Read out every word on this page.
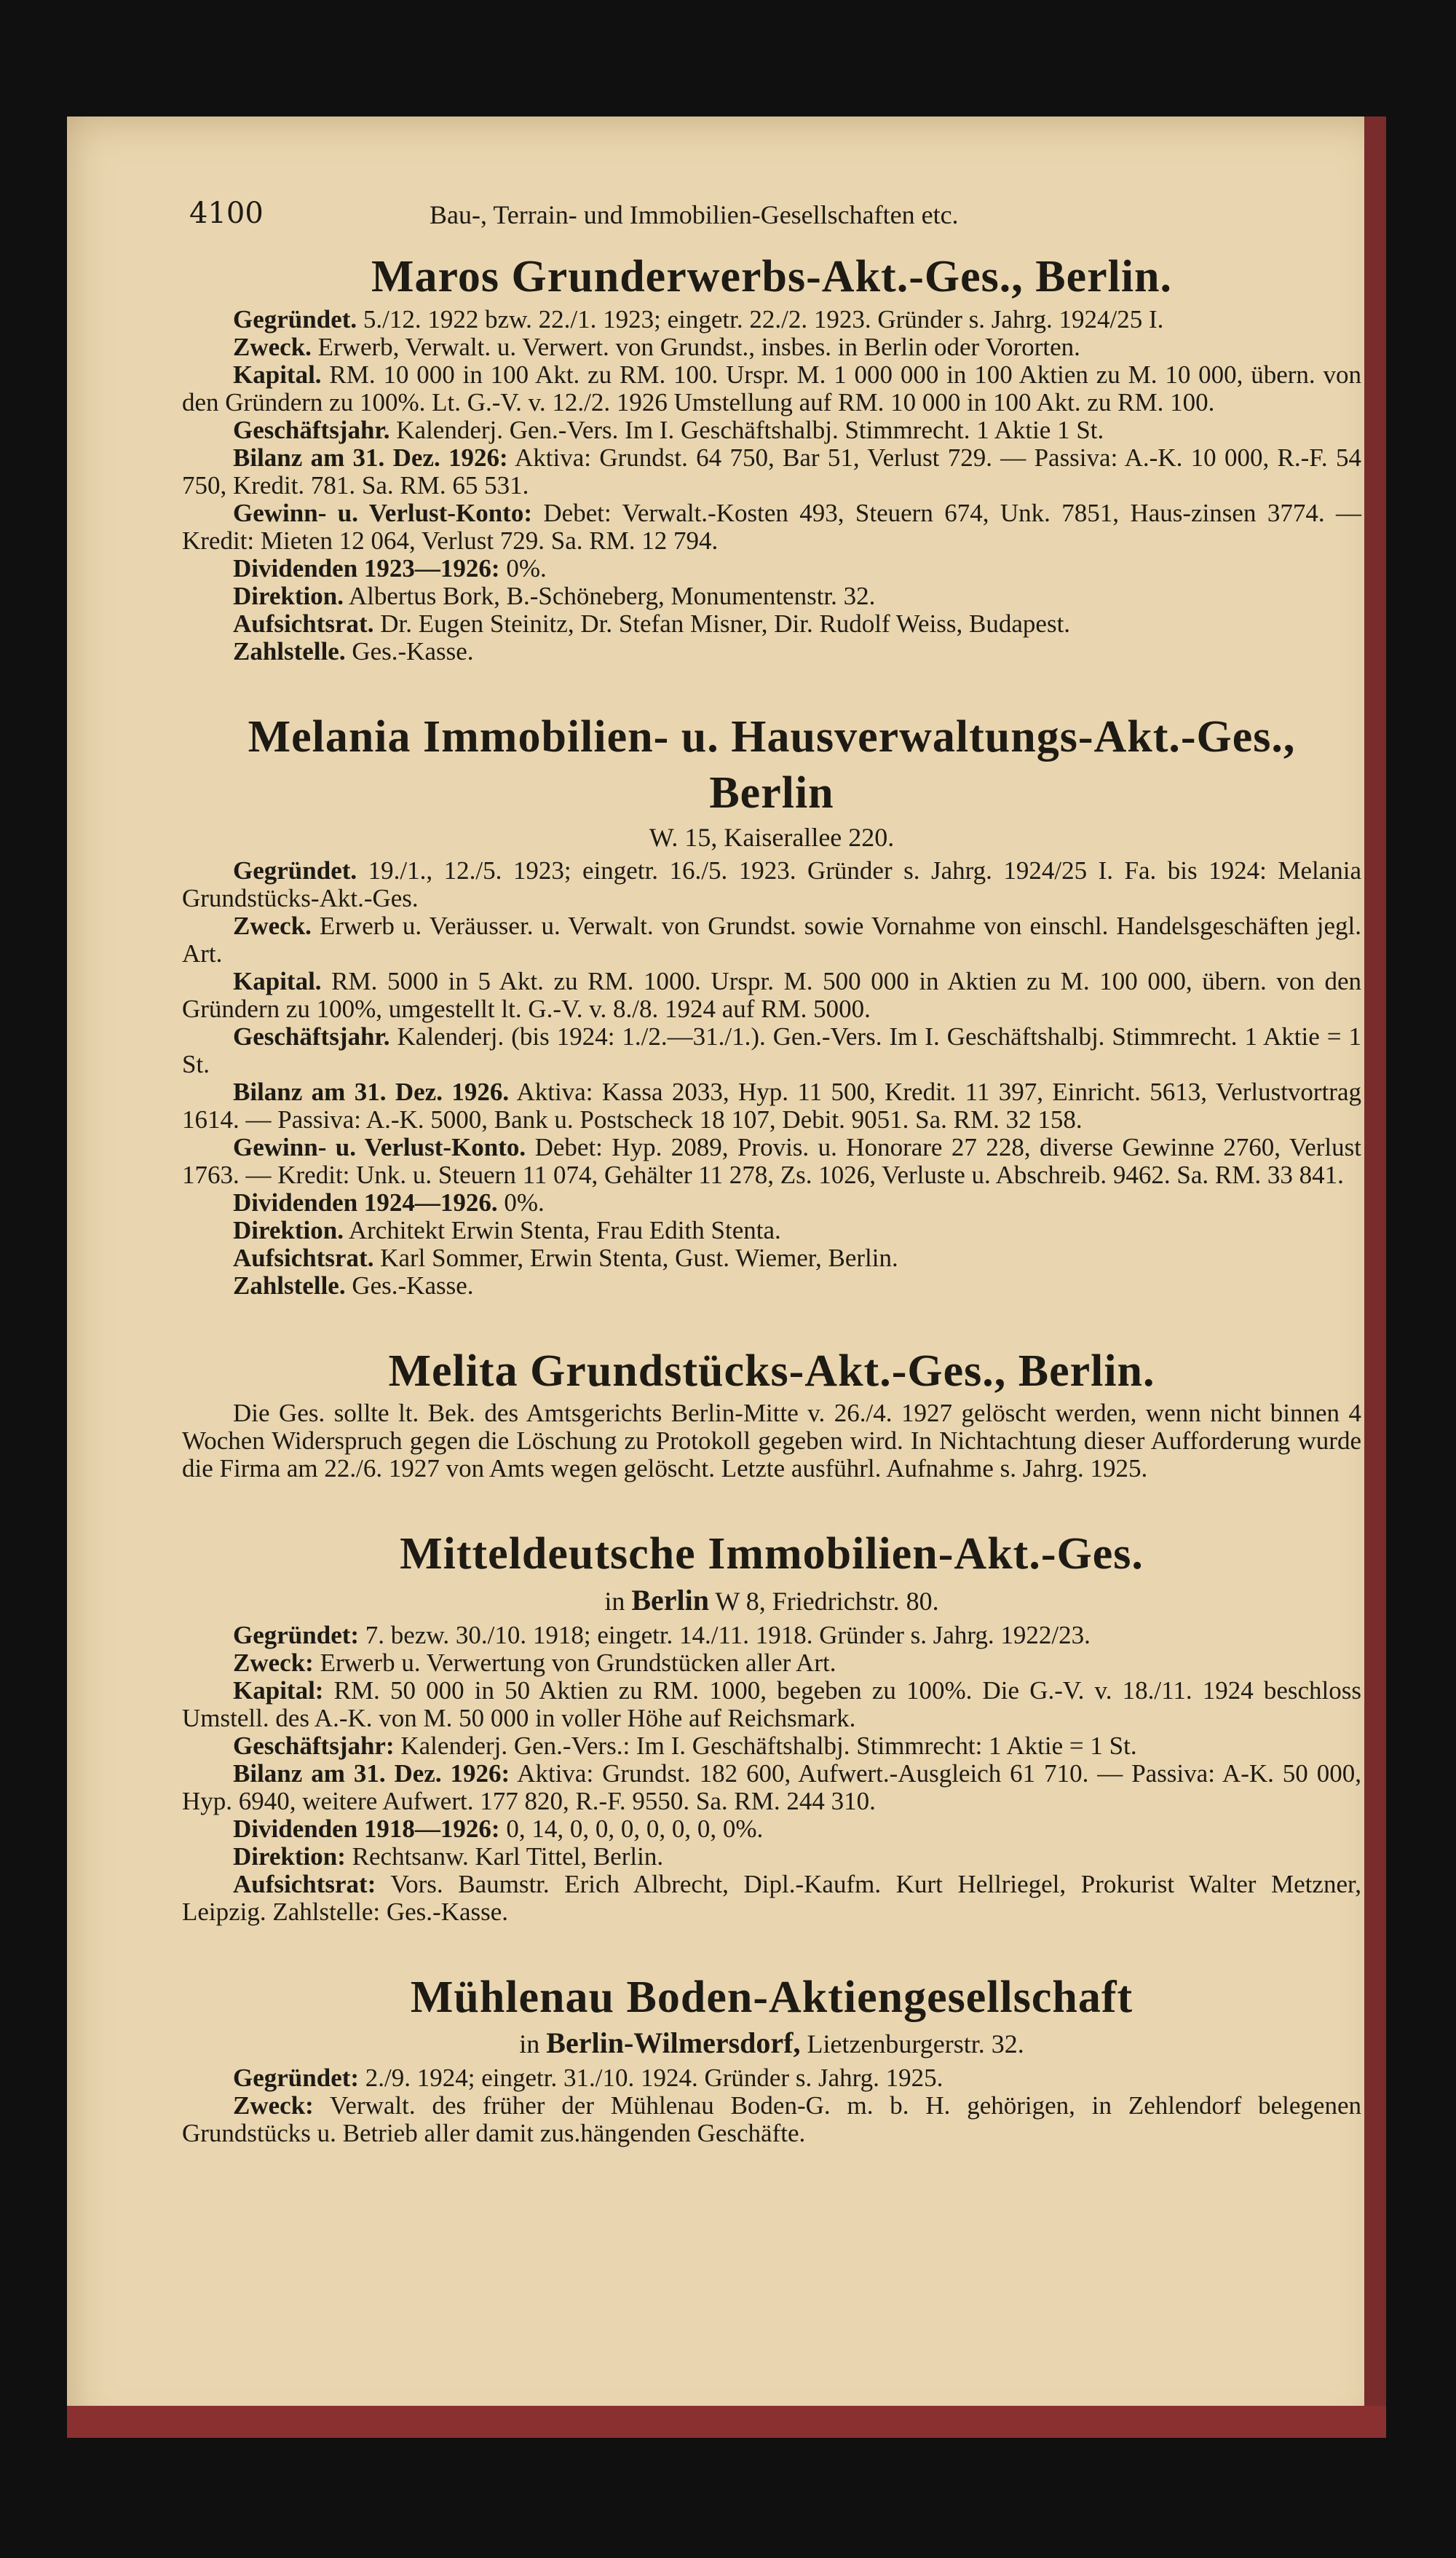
4100	Bau-, Terrain- und Immobilien-Gesellschaften etc.
Maros Grunderwerbs-Akt.-Ges., Berlin.

Gegründet. 5./12. 1922 bzw. 22./1. 1923; eingetr. 22./2. 1923. Gründer s. Jahrg. 1924/25 I.

Zweck. Erwerb, Verwalt. u. Verwert. von Grundst., insbes. in Berlin oder Vororten.

Kapital. RM. 10 000 in 100 Akt. zu RM. 100. Urspr. M. 1 000 000 in 100 Aktien zu M. 10 000, übern. von den Gründern zu 100%. Lt. G.-V. v. 12./2. 1926 Umstellung auf RM. 10 000 in 100 Akt. zu RM. 100.

Geschäftsjahr. Kalenderj. Gen.-Vers. Im I. Geschäftshalbj. Stimmrecht. 1 Aktie 1 St.

Bilanz am 31. Dez. 1926: Aktiva: Grundst. 64 750, Bar 51, Verlust 729. — Passiva: A.-K. 10 000, R.-F. 54 750, Kredit. 781. Sa. RM. 65 531.

Gewinn- u. Verlust-Konto: Debet: Verwalt.-Kosten 493, Steuern 674, Unk. 7851, Haus-zinsen 3774. — Kredit: Mieten 12 064, Verlust 729. Sa. RM. 12 794.

Dividenden 1923—1926: 0%.

Direktion. Albertus Bork, B.-Schöneberg, Monumentenstr. 32.

Aufsichtsrat. Dr. Eugen Steinitz, Dr. Stefan Misner, Dir. Rudolf Weiss, Budapest.

Zahlstelle. Ges.-Kasse.

Melania Immobilien- u. Hausverwaltungs-Akt.-Ges., Berlin
W. 15, Kaiserallee 220.

Gegründet. 19./1., 12./5. 1923; eingetr. 16./5. 1923. Gründer s. Jahrg. 1924/25 I. Fa. bis 1924: Melania Grundstücks-Akt.-Ges.

Zweck. Erwerb u. Veräusser. u. Verwalt. von Grundst. sowie Vornahme von einschl. Handelsgeschäften jegl. Art.

Kapital. RM. 5000 in 5 Akt. zu RM. 1000. Urspr. M. 500 000 in Aktien zu M. 100 000, übern. von den Gründern zu 100%, umgestellt lt. G.-V. v. 8./8. 1924 auf RM. 5000.

Geschäftsjahr. Kalenderj. (bis 1924: 1./2.—31./1.). Gen.-Vers. Im I. Geschäftshalbj. Stimmrecht. 1 Aktie = 1 St.

Bilanz am 31. Dez. 1926. Aktiva: Kassa 2033, Hyp. 11 500, Kredit. 11 397, Einricht. 5613, Verlustvortrag 1614. — Passiva: A.-K. 5000, Bank u. Postscheck 18 107, Debit. 9051. Sa. RM. 32 158.

Gewinn- u. Verlust-Konto. Debet: Hyp. 2089, Provis. u. Honorare 27 228, diverse Gewinne 2760, Verlust 1763. — Kredit: Unk. u. Steuern 11 074, Gehälter 11 278, Zs. 1026, Verluste u. Abschreib. 9462. Sa. RM. 33 841.

Dividenden 1924—1926. 0%.

Direktion. Architekt Erwin Stenta, Frau Edith Stenta.

Aufsichtsrat. Karl Sommer, Erwin Stenta, Gust. Wiemer, Berlin.

Zahlstelle. Ges.-Kasse.

Melita Grundstücks-Akt.-Ges., Berlin.

Die Ges. sollte lt. Bek. des Amtsgerichts Berlin-Mitte v. 26./4. 1927 gelöscht werden, wenn nicht binnen 4 Wochen Widerspruch gegen die Löschung zu Protokoll gegeben wird. In Nichtachtung dieser Aufforderung wurde die Firma am 22./6. 1927 von Amts wegen gelöscht. Letzte ausführl. Aufnahme s. Jahrg. 1925.

Mitteldeutsche Immobilien-Akt.-Ges.
in Berlin W 8, Friedrichstr. 80.

Gegründet: 7. bezw. 30./10. 1918; eingetr. 14./11. 1918. Gründer s. Jahrg. 1922/23.

Zweck: Erwerb u. Verwertung von Grundstücken aller Art.

Kapital: RM. 50 000 in 50 Aktien zu RM. 1000, begeben zu 100%. Die G.-V. v. 18./11. 1924 beschloss Umstell. des A.-K. von M. 50 000 in voller Höhe auf Reichsmark.

Geschäftsjahr: Kalenderj. Gen.-Vers.: Im I. Geschäftshalbj. Stimmrecht: 1 Aktie = 1 St.

Bilanz am 31. Dez. 1926: Aktiva: Grundst. 182 600, Aufwert.-Ausgleich 61 710. — Passiva: A-K. 50 000, Hyp. 6940, weitere Aufwert. 177 820, R.-F. 9550. Sa. RM. 244 310.

Dividenden 1918—1926: 0, 14, 0, 0, 0, 0, 0, 0, 0%.

Direktion: Rechtsanw. Karl Tittel, Berlin.

Aufsichtsrat: Vors. Baumstr. Erich Albrecht, Dipl.-Kaufm. Kurt Hellriegel, Prokurist Walter Metzner, Leipzig. Zahlstelle: Ges.-Kasse.

Mühlenau Boden-Aktiengesellschaft
in Berlin-Wilmersdorf, Lietzenburgerstr. 32.

Gegründet: 2./9. 1924; eingetr. 31./10. 1924. Gründer s. Jahrg. 1925.

Zweck: Verwalt. des früher der Mühlenau Boden-G. m. b. H. gehörigen, in Zehlendorf belegenen Grundstücks u. Betrieb aller damit zus.hängenden Geschäfte.
